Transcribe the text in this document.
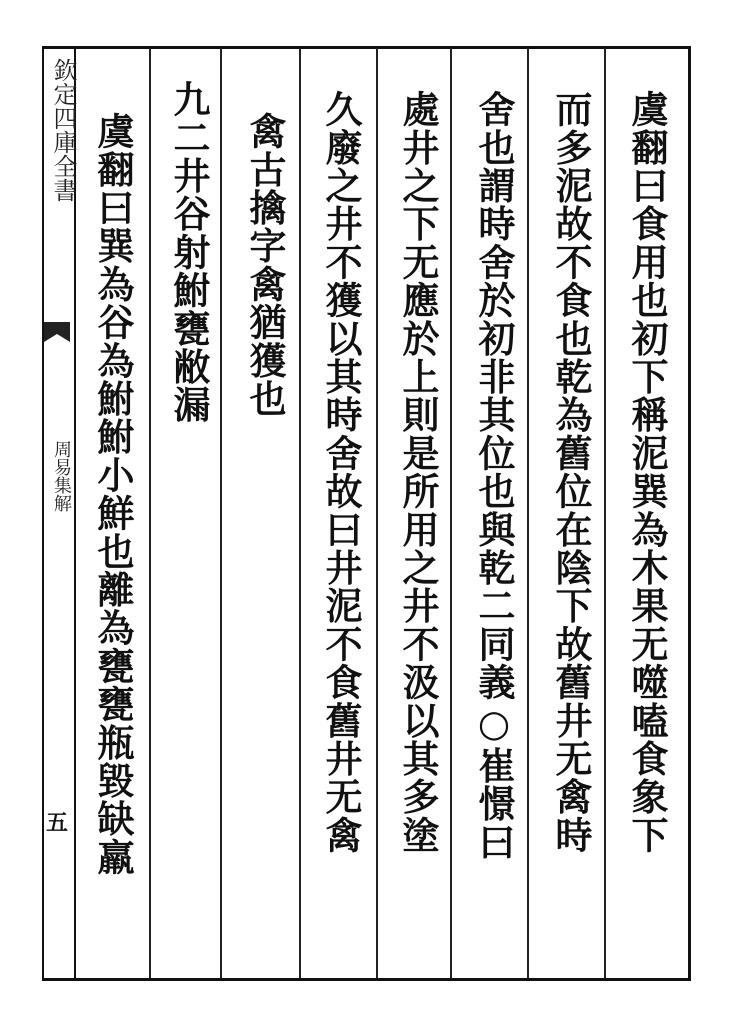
欽定四庫全書
周易集解
五	虞翻曰食用也初下稱泥巽為木果无噬嗑食象下
而多泥故不食也乾為舊位在陰下故舊井无禽時
舍也謂時舍於初非其位也與乾二同義○崔憬曰
處井之下无應於上則是所用之井不汲以其多塗
久廢之井不獲以其時舍故曰井泥不食舊井无禽
禽古擒字禽猶獲也
九二井谷射鮒甕敝漏
虞翻曰巽為谷為鮒鮒小鮮也離為甕甕瓶毀缺羸
